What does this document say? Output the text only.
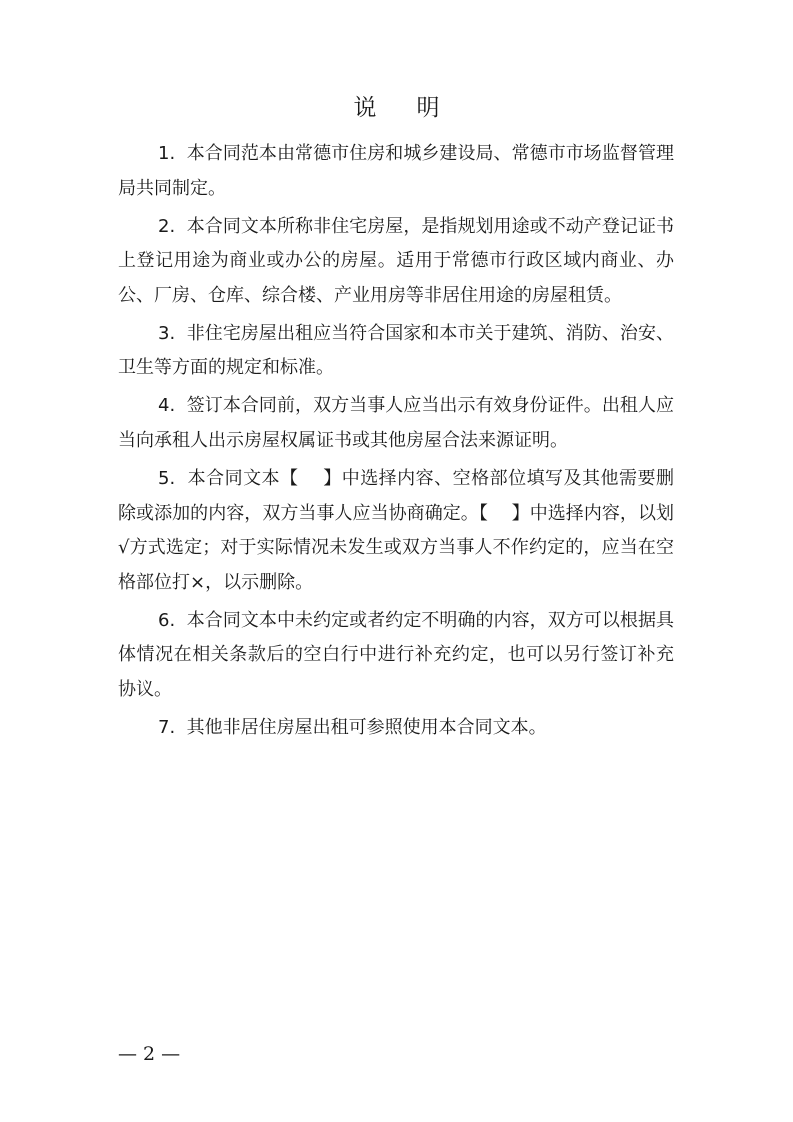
说 明

1. 本合同范本由常德市住房和城乡建设局、常德市市场监督管理局共同制定。

2. 本合同文本所称非住宅房屋，是指规划用途或不动产登记证书上登记用途为商业或办公的房屋。适用于常德市行政区域内商业、办公、厂房、仓库、综合楼、产业用房等非居住用途的房屋租赁。

3. 非住宅房屋出租应当符合国家和本市关于建筑、消防、治安、卫生等方面的规定和标准。

4. 签订本合同前，双方当事人应当出示有效身份证件。出租人应当向承租人出示房屋权属证书或其他房屋合法来源证明。

5. 本合同文本【　 】中选择内容、空格部位填写及其他需要删除或添加的内容，双方当事人应当协商确定。【　 】中选择内容，以划√方式选定；对于实际情况未发生或双方当事人不作约定的，应当在空格部位打×，以示删除。

6. 本合同文本中未约定或者约定不明确的内容，双方可以根据具体情况在相关条款后的空白行中进行补充约定，也可以另行签订补充协议。

7. 其他非居住房屋出租可参照使用本合同文本。

— 2 —
